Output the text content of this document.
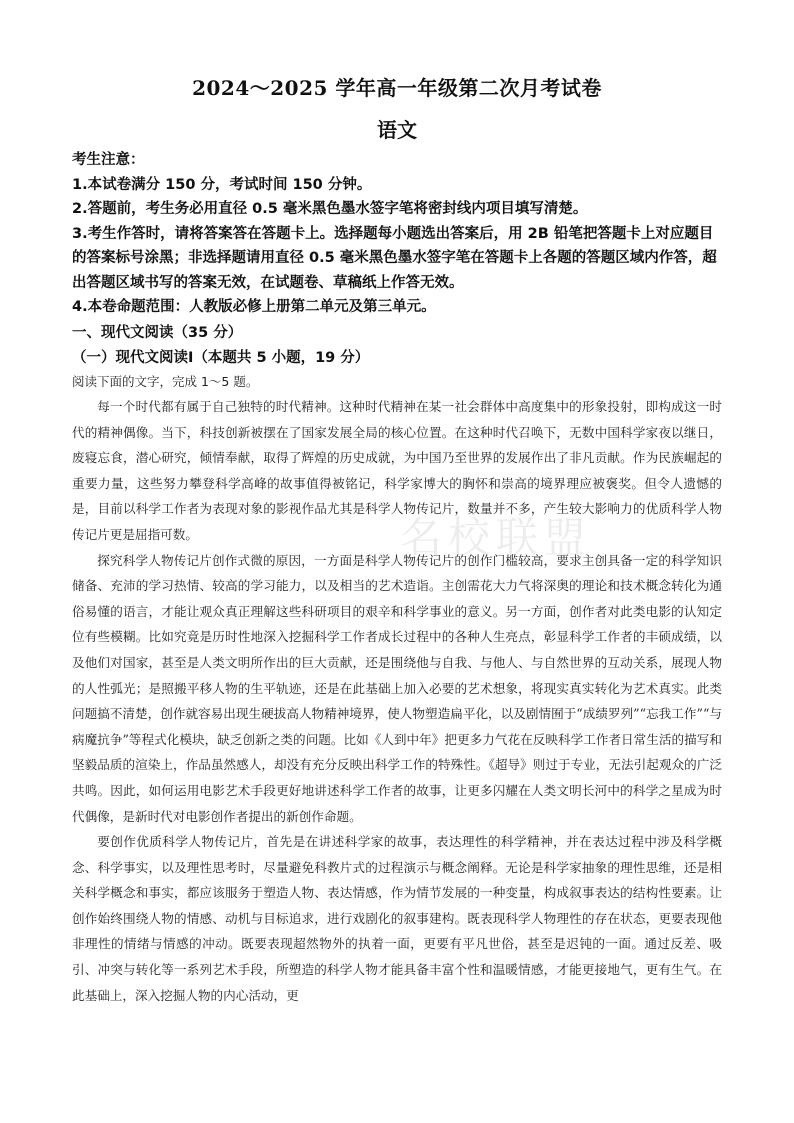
2024～2025 学年高一年级第二次月考试卷
语文
考生注意：
1.本试卷满分 150 分，考试时间 150 分钟。
2.答题前，考生务必用直径 0.5 毫米黑色墨水签字笔将密封线内项目填写清楚。
3.考生作答时，请将答案答在答题卡上。选择题每小题选出答案后，用 2B 铅笔把答题卡上对应题目的答案标号涂黑；非选择题请用直径 0.5 毫米黑色墨水签字笔在答题卡上各题的答题区域内作答，超出答题区域书写的答案无效，在试题卷、草稿纸上作答无效。
4.本卷命题范围：人教版必修上册第二单元及第三单元。
一、现代文阅读（35 分）
（一）现代文阅读Ⅰ（本题共 5 小题，19 分）
阅读下面的文字，完成 1～5 题。

每一个时代都有属于自己独特的时代精神。这种时代精神在某一社会群体中高度集中的形象投射，即构成这一时代的精神偶像。当下，科技创新被摆在了国家发展全局的核心位置。在这种时代召唤下，无数中国科学家夜以继日，废寝忘食，潜心研究，倾情奉献，取得了辉煌的历史成就，为中国乃至世界的发展作出了非凡贡献。作为民族崛起的重要力量，这些努力攀登科学高峰的故事值得被铭记，科学家博大的胸怀和崇高的境界理应被褒奖。但令人遗憾的是，目前以科学工作者为表现对象的影视作品尤其是科学人物传记片，数量并不多，产生较大影响力的优质科学人物传记片更是屈指可数。

探究科学人物传记片创作式微的原因，一方面是科学人物传记片的创作门槛较高，要求主创具备一定的科学知识储备、充沛的学习热情、较高的学习能力，以及相当的艺术造诣。主创需花大力气将深奥的理论和技术概念转化为通俗易懂的语言，才能让观众真正理解这些科研项目的艰辛和科学事业的意义。另一方面，创作者对此类电影的认知定位有些模糊。比如究竟是历时性地深入挖掘科学工作者成长过程中的各种人生亮点，彰显科学工作者的丰硕成绩，以及他们对国家，甚至是人类文明所作出的巨大贡献，还是围绕他与自我、与他人、与自然世界的互动关系，展现人物的人性弧光；是照搬平移人物的生平轨迹，还是在此基础上加入必要的艺术想象，将现实真实转化为艺术真实。此类问题搞不清楚，创作就容易出现生硬拔高人物精神境界，使人物塑造扁平化，以及剧情囿于“成绩罗列”“忘我工作”“与病魔抗争”等程式化模块，缺乏创新之类的问题。比如《人到中年》把更多力气花在反映科学工作者日常生活的描写和坚毅品质的渲染上，作品虽然感人，却没有充分反映出科学工作的特殊性。《超导》则过于专业，无法引起观众的广泛共鸣。因此，如何运用电影艺术手段更好地讲述科学工作者的故事，让更多闪耀在人类文明长河中的科学之星成为时代偶像，是新时代对电影创作者提出的新创作命题。

要创作优质科学人物传记片，首先是在讲述科学家的故事，表达理性的科学精神，并在表达过程中涉及科学概念、科学事实，以及理性思考时，尽量避免科教片式的过程演示与概念阐释。无论是科学家抽象的理性思维，还是相关科学概念和事实，都应该服务于塑造人物、表达情感，作为情节发展的一种变量，构成叙事表达的结构性要素。让创作始终围绕人物的情感、动机与目标追求，进行戏剧化的叙事建构。既表现科学人物理性的存在状态，更要表现他非理性的情绪与情感的冲动。既要表现超然物外的执着一面，更要有平凡世俗，甚至是迟钝的一面。通过反差、吸引、冲突与转化等一系列艺术手段，所塑造的科学人物才能具备丰富个性和温暖情感，才能更接地气，更有生气。在此基础上，深入挖掘人物的内心活动，更

名校联盟
